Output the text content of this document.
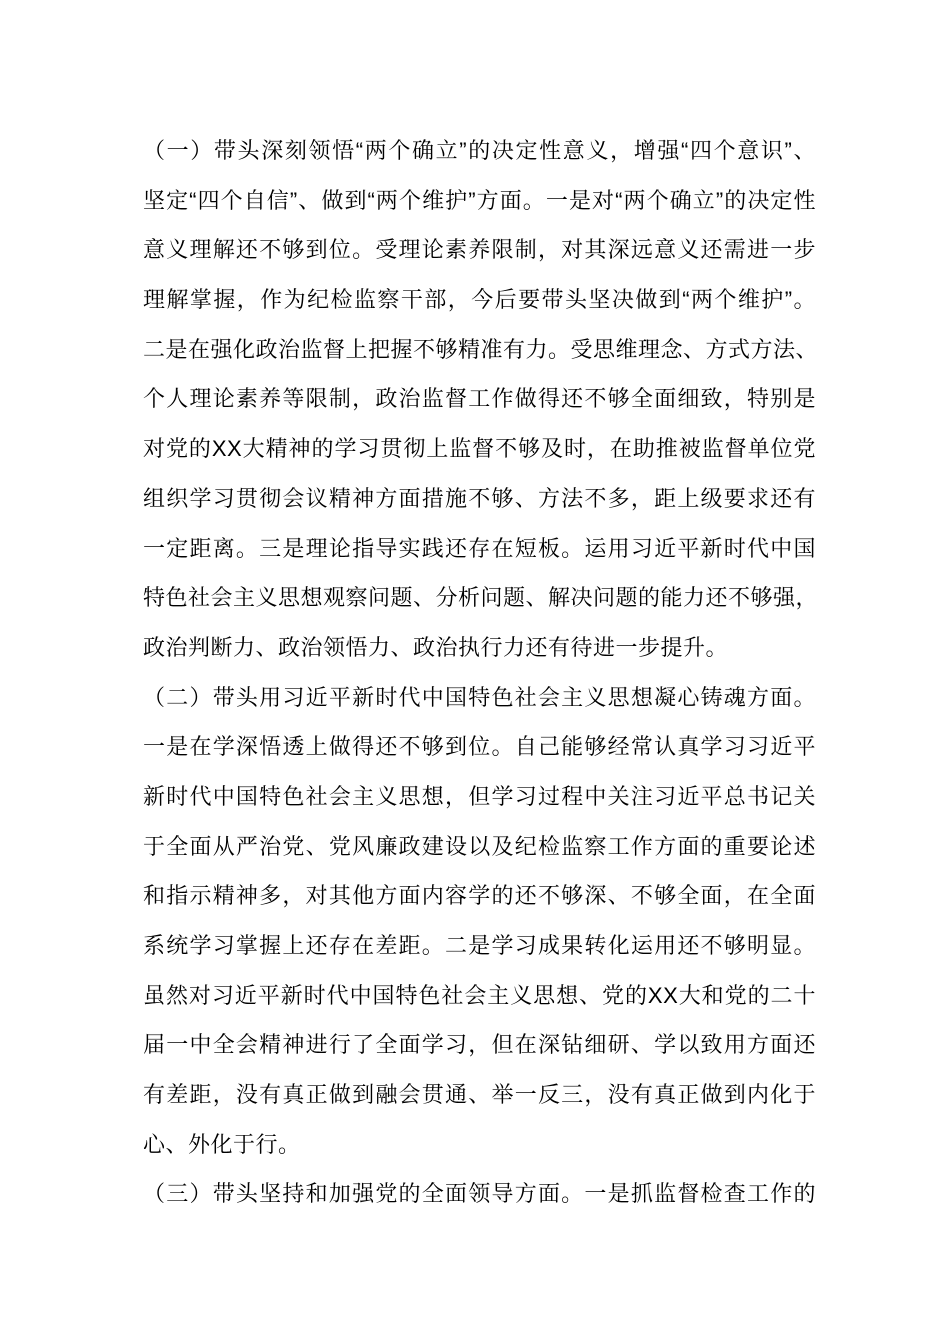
（一）带头深刻领悟“两个确立”的决定性意义，增强“四个意识”、
坚定“四个自信”、做到“两个维护”方面。一是对“两个确立”的决定性
意义理解还不够到位。受理论素养限制，对其深远意义还需进一步
理解掌握，作为纪检监察干部，今后要带头坚决做到“两个维护”。
二是在强化政治监督上把握不够精准有力。受思维理念、方式方法、
个人理论素养等限制，政治监督工作做得还不够全面细致，特别是
对党的XX大精神的学习贯彻上监督不够及时，在助推被监督单位党
组织学习贯彻会议精神方面措施不够、方法不多，距上级要求还有
一定距离。三是理论指导实践还存在短板。运用习近平新时代中国
特色社会主义思想观察问题、分析问题、解决问题的能力还不够强，
政治判断力、政治领悟力、政治执行力还有待进一步提升。
（二）带头用习近平新时代中国特色社会主义思想凝心铸魂方面。
一是在学深悟透上做得还不够到位。自己能够经常认真学习习近平
新时代中国特色社会主义思想，但学习过程中关注习近平总书记关
于全面从严治党、党风廉政建设以及纪检监察工作方面的重要论述
和指示精神多，对其他方面内容学的还不够深、不够全面，在全面
系统学习掌握上还存在差距。二是学习成果转化运用还不够明显。
虽然对习近平新时代中国特色社会主义思想、党的XX大和党的二十
届一中全会精神进行了全面学习，但在深钻细研、学以致用方面还
有差距，没有真正做到融会贯通、举一反三，没有真正做到内化于
心、外化于行。
（三）带头坚持和加强党的全面领导方面。一是抓监督检查工作的
